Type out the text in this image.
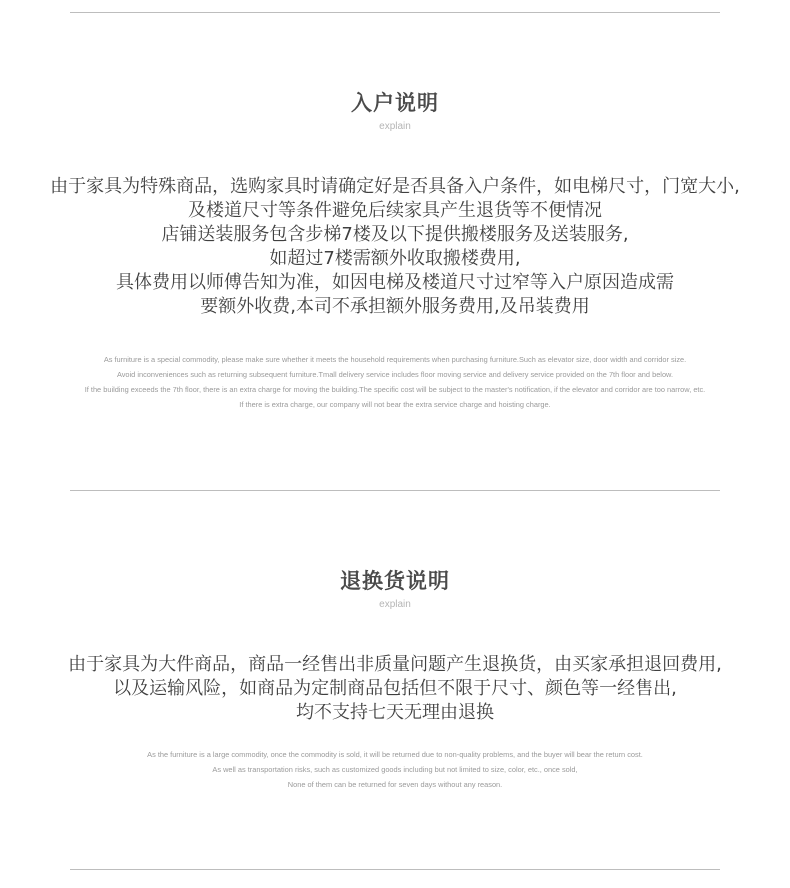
入户说明
explain
由于家具为特殊商品，选购家具时请确定好是否具备入户条件，如电梯尺寸，门宽大小,
及楼道尺寸等条件避免后续家具产生退货等不便情况
店铺送装服务包含步梯7楼及以下提供搬楼服务及送装服务,
如超过7楼需额外收取搬楼费用,
具体费用以师傅告知为准，如因电梯及楼道尺寸过窄等入户原因造成需
要额外收费,本司不承担额外服务费用,及吊装费用
As furniture is a special commodity, please make sure whether it meets the household requirements when purchasing furniture.Such as elevator size, door width and corridor size.
Avoid inconveniences such as returning subsequent furniture.Tmall delivery service includes floor moving service and delivery service provided on the 7th floor and below.
If the building exceeds the 7th floor, there is an extra charge for moving the building.The specific cost will be subject to the master's notification, if the elevator and corridor are too narrow, etc.
If there is extra charge, our company will not bear the extra service charge and hoisting charge.
退换货说明
explain
由于家具为大件商品，商品一经售出非质量问题产生退换货，由买家承担退回费用,
以及运输风险，如商品为定制商品包括但不限于尺寸、颜色等一经售出,
均不支持七天无理由退换
As the furniture is a large commodity, once the commodity is sold, it will be returned due to non-quality problems, and the buyer will bear the return cost.
As well as transportation risks, such as customized goods including but not limited to size, color, etc., once sold,
None of them can be returned for seven days without any reason.
